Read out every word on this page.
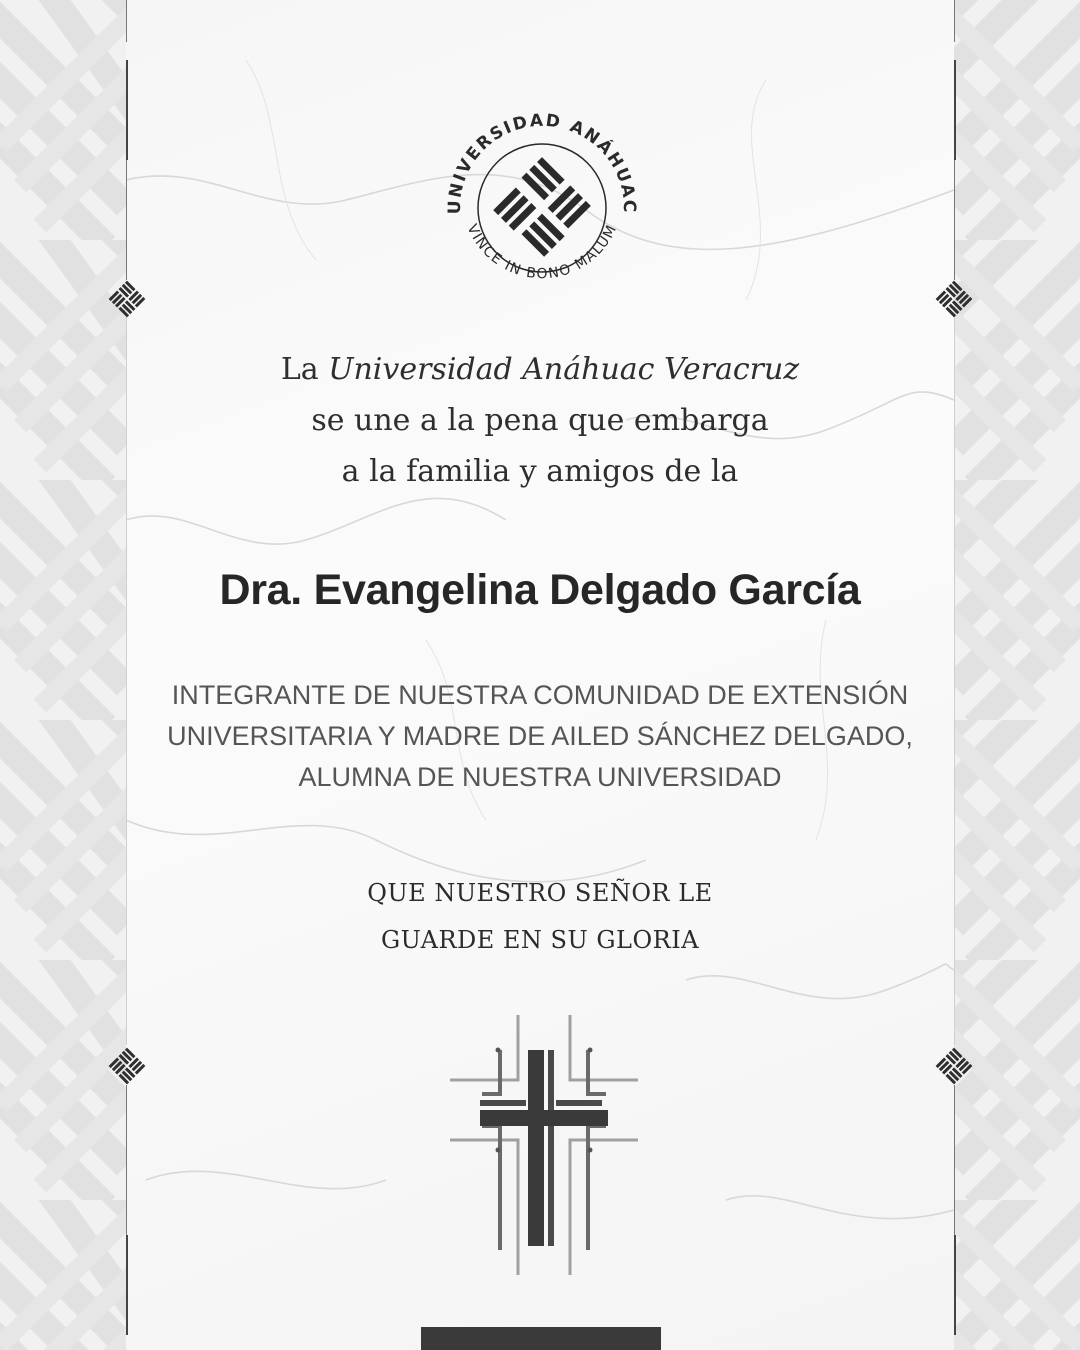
UNIVERSIDAD ANÁHUAC
VINCE IN BONO MALUM

La Universidad Anáhuac Veracruz
se une a la pena que embarga
a la familia y amigos de la

Dra. Evangelina Delgado García

INTEGRANTE DE NUESTRA COMUNIDAD DE EXTENSIÓN
UNIVERSITARIA Y MADRE DE AILED SÁNCHEZ DELGADO,
ALUMNA DE NUESTRA UNIVERSIDAD

QUE NUESTRO SEÑOR LE
GUARDE EN SU GLORIA
